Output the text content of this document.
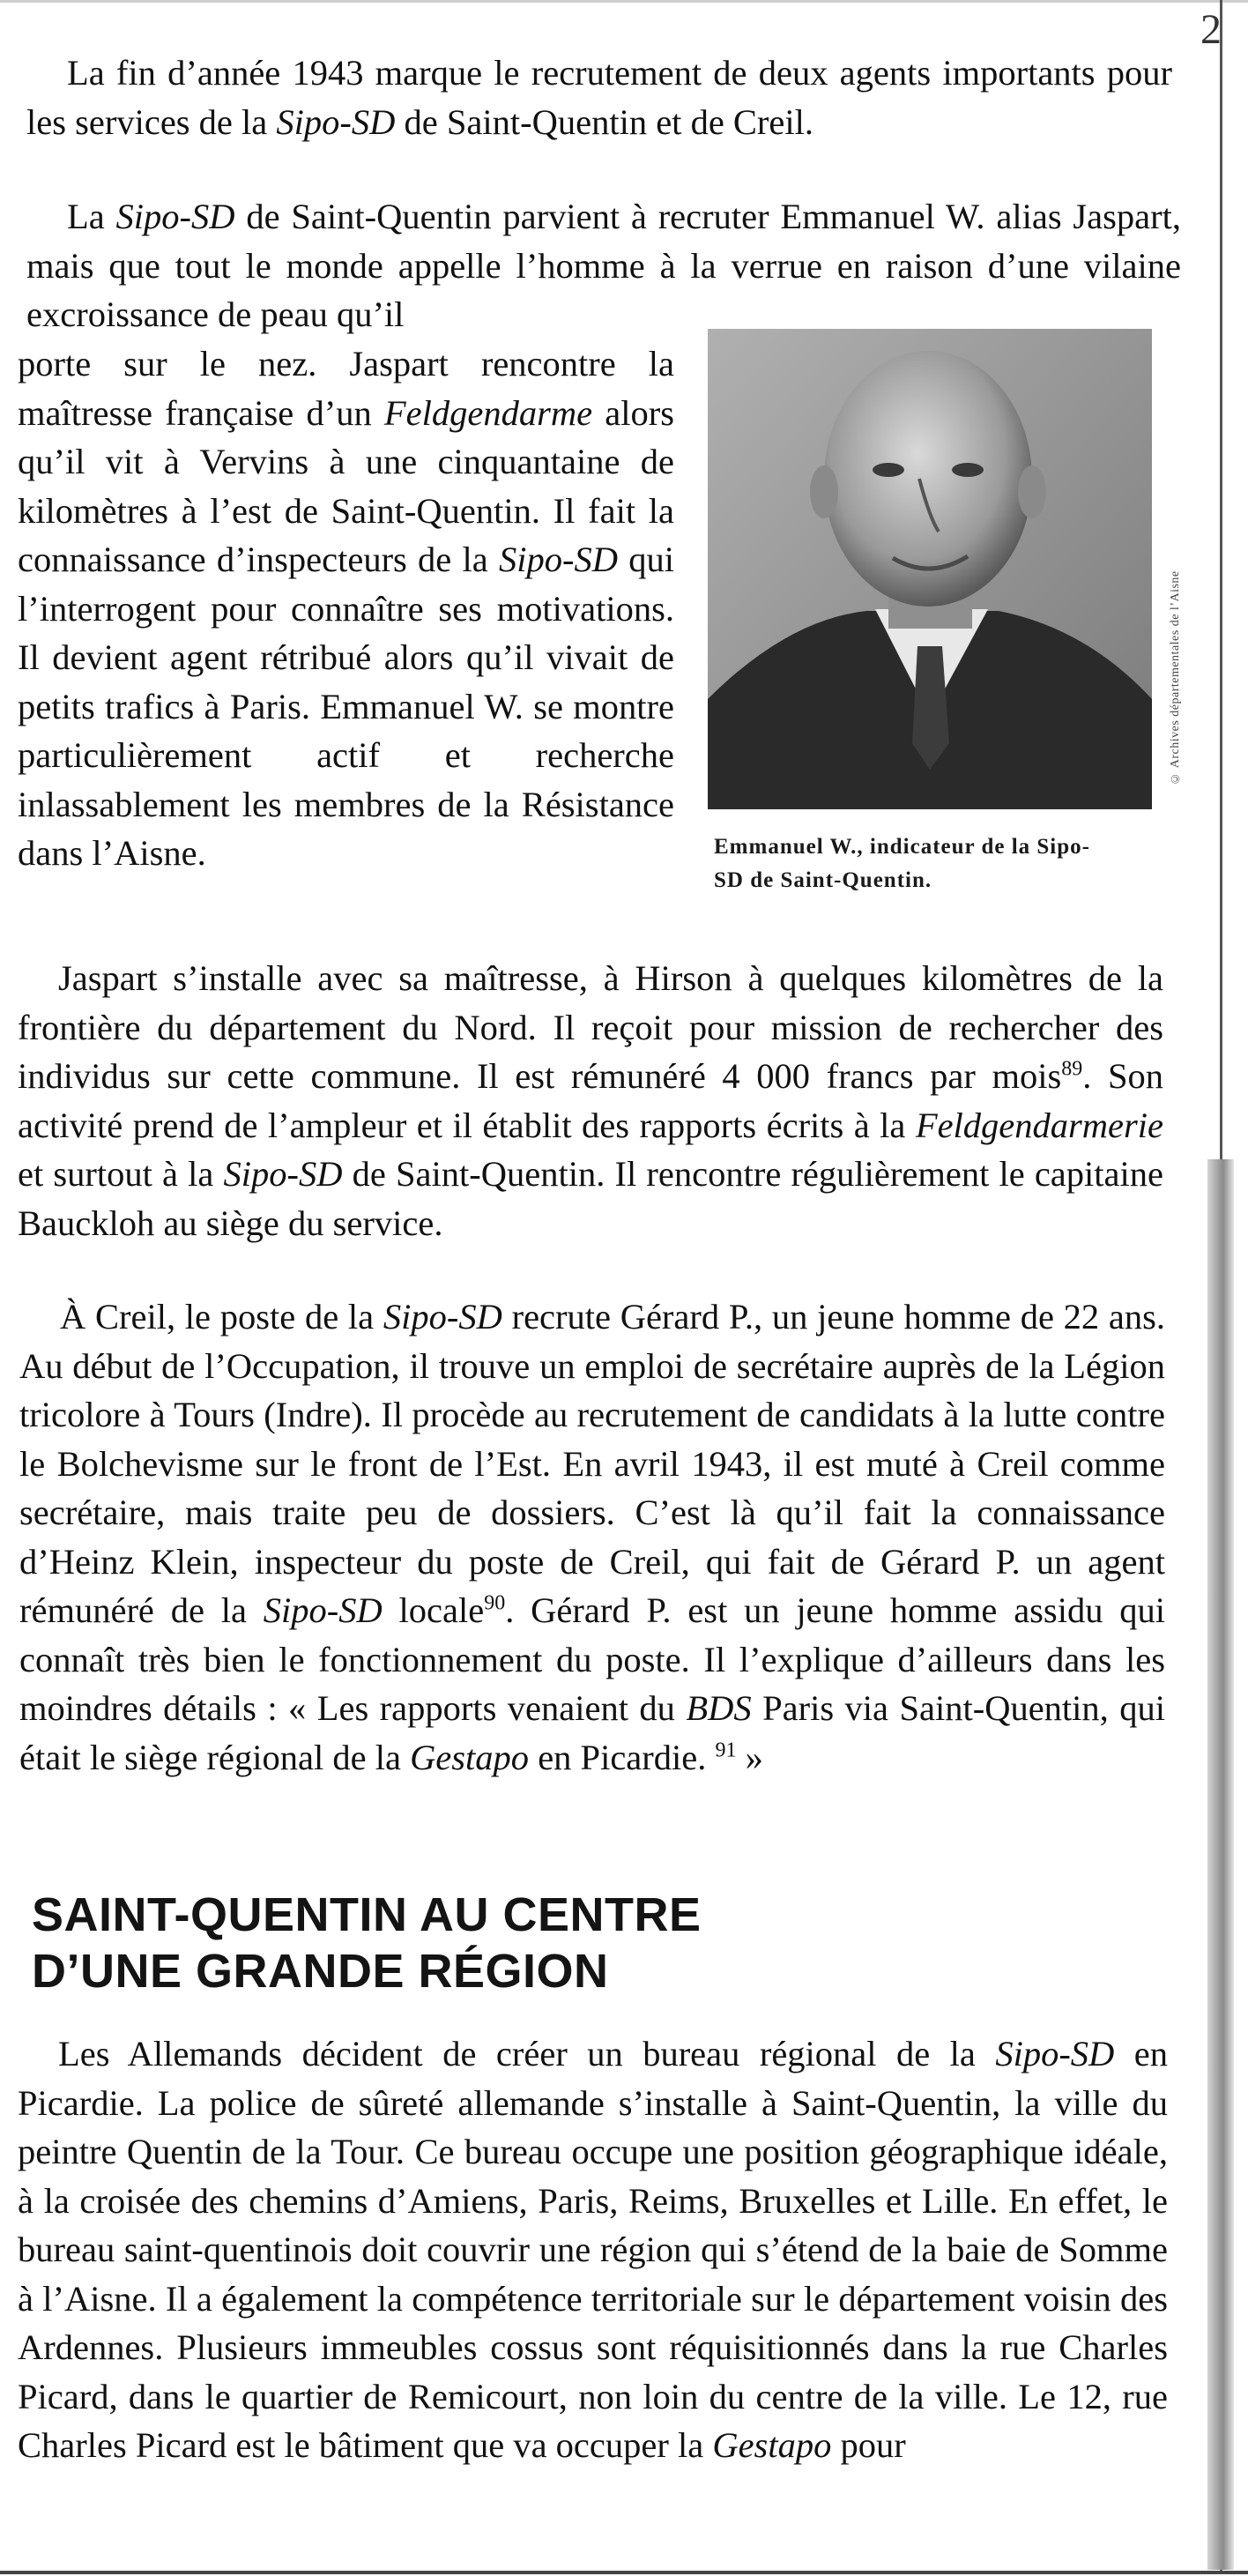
2

La fin d’année 1943 marque le recrutement de deux agents importants pour les services de la Sipo-SD de Saint-Quentin et de Creil.

La Sipo-SD de Saint-Quentin parvient à recruter Emmanuel W. alias Jaspart, mais que tout le monde appelle l’homme à la verrue en raison d’une vilaine excroissance de peau qu’il

porte sur le nez. Jaspart rencontre la maîtresse française d’un Feldgendarme alors qu’il vit à Vervins à une cinquantaine de kilomètres à l’est de Saint-Quentin. Il fait la connaissance d’inspecteurs de la Sipo-SD qui l’interrogent pour connaître ses motivations. Il devient agent rétribué alors qu’il vivait de petits trafics à Paris. Emmanuel W. se montre particulièrement actif et recherche inlassablement les membres de la Résistance dans l’Aisne.

© Archives départementales de l’Aisne
Emmanuel W., indicateur de la Sipo-
SD de Saint-Quentin.

Jaspart s’installe avec sa maîtresse, à Hirson à quelques kilomètres de la frontière du département du Nord. Il reçoit pour mission de rechercher des individus sur cette commune. Il est rémunéré 4 000 francs par mois$^{89}$. Son activité prend de l’ampleur et il établit des rapports écrits à la Feldgendarmerie et surtout à la Sipo-SD de Saint-Quentin. Il rencontre régulièrement le capitaine Bauckloh au siège du service.

À Creil, le poste de la Sipo-SD recrute Gérard P., un jeune homme de 22 ans. Au début de l’Occupation, il trouve un emploi de secrétaire auprès de la Légion tricolore à Tours (Indre). Il procède au recrutement de candidats à la lutte contre le Bolchevisme sur le front de l’Est. En avril 1943, il est muté à Creil comme secrétaire, mais traite peu de dossiers. C’est là qu’il fait la connaissance d’Heinz Klein, inspecteur du poste de Creil, qui fait de Gérard P. un agent rémunéré de la Sipo-SD locale$^{90}$. Gérard P. est un jeune homme assidu qui connaît très bien le fonctionnement du poste. Il l’explique d’ailleurs dans les moindres détails : « Les rapports venaient du BDS Paris via Saint-Quentin, qui était le siège régional de la Gestapo en Picardie. $^{91}$ »

SAINT-QUENTIN AU CENTRE
D’UNE GRANDE RÉGION

Les Allemands décident de créer un bureau régional de la Sipo-SD en Picardie. La police de sûreté allemande s’installe à Saint-Quentin, la ville du peintre Quentin de la Tour. Ce bureau occupe une position géographique idéale, à la croisée des chemins d’Amiens, Paris, Reims, Bruxelles et Lille. En effet, le bureau saint-quentinois doit couvrir une région qui s’étend de la baie de Somme à l’Aisne. Il a également la compétence territoriale sur le département voisin des Ardennes. Plusieurs immeubles cossus sont réquisitionnés dans la rue Charles Picard, dans le quartier de Remicourt, non loin du centre de la ville. Le 12, rue Charles Picard est le bâtiment que va occuper la Gestapo pour
